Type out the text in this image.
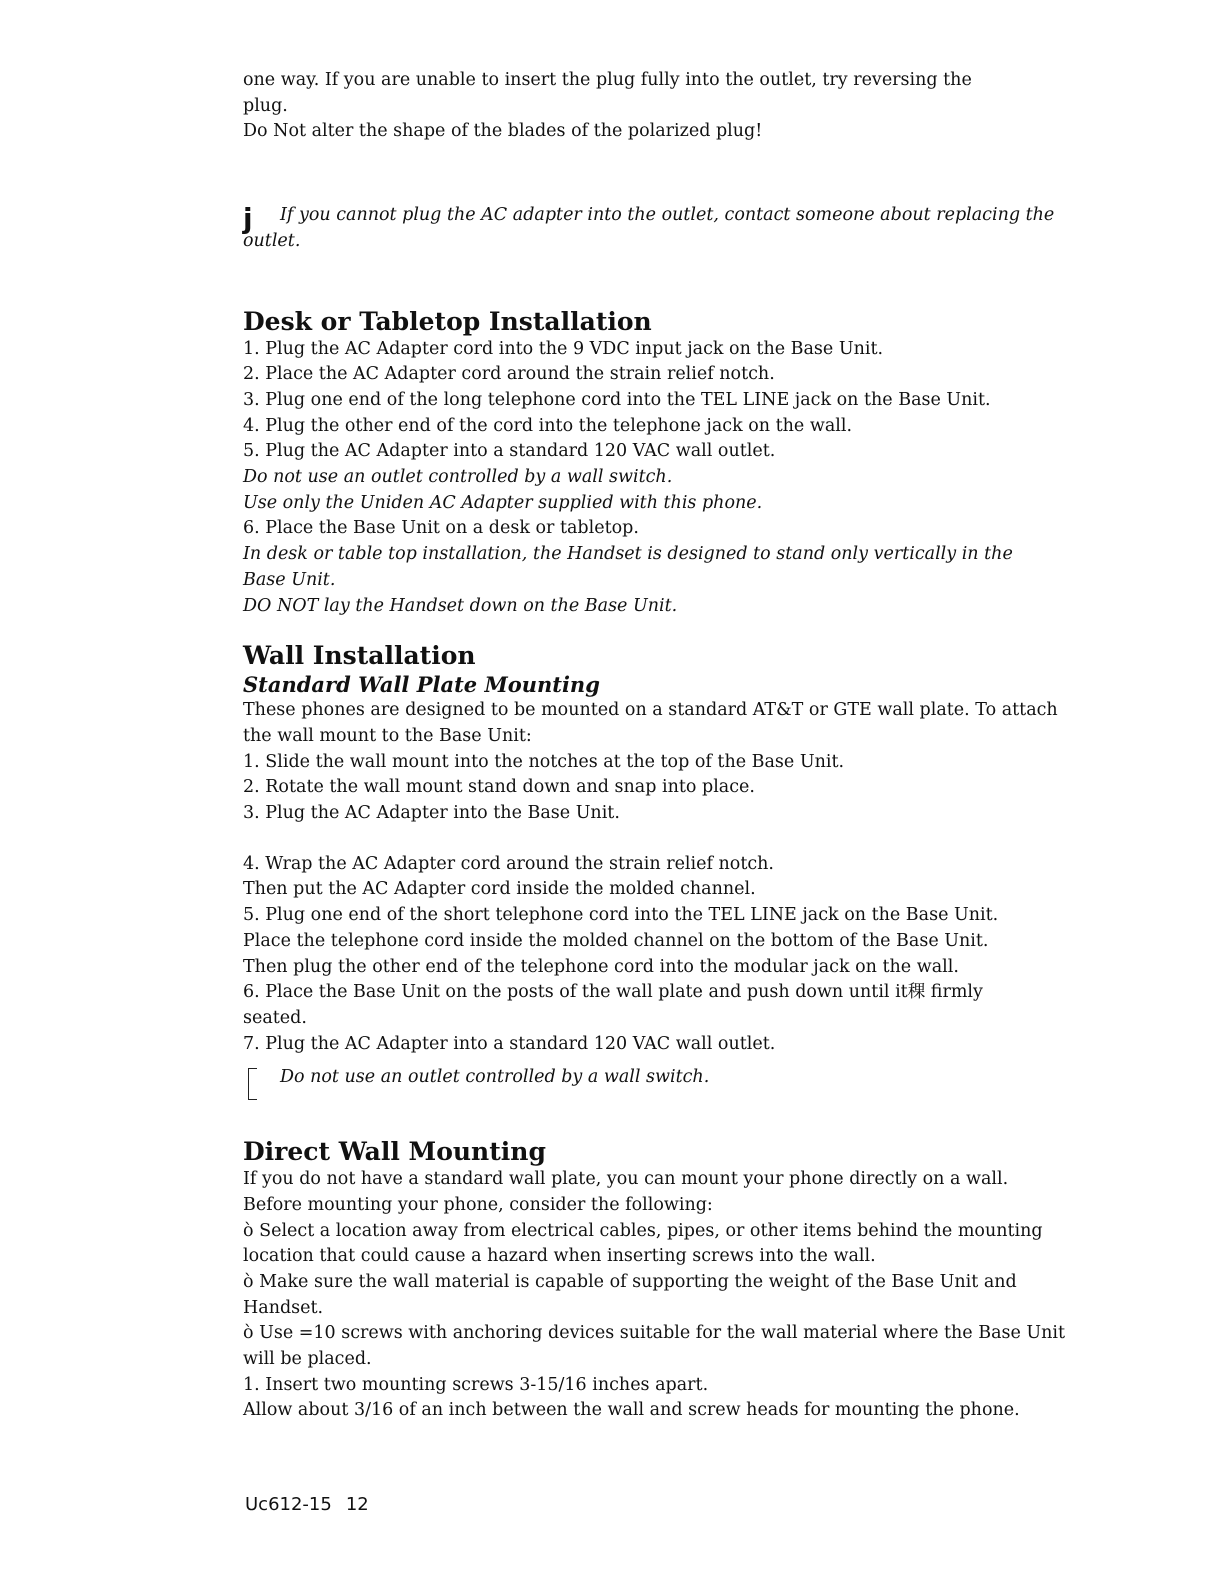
one way. If you are unable to insert the plug fully into the outlet, try reversing the

plug.

Do Not alter the shape of the blades of the polarized plug!

j If you cannot plug the AC adapter into the outlet, contact someone about replacing the

outlet.

Desk or Tabletop Installation

1. Plug the AC Adapter cord into the 9 VDC input jack on the Base Unit.

2. Place the AC Adapter cord around the strain relief notch.

3. Plug one end of the long telephone cord into the TEL LINE jack on the Base Unit.

4. Plug the other end of the cord into the telephone jack on the wall.

5. Plug the AC Adapter into a standard 120 VAC wall outlet.

Do not use an outlet controlled by a wall switch.

Use only the Uniden AC Adapter supplied with this phone.

6. Place the Base Unit on a desk or tabletop.

In desk or table top installation, the Handset is designed to stand only vertically in the

Base Unit.

DO NOT lay the Handset down on the Base Unit.

Wall Installation
Standard Wall Plate Mounting

These phones are designed to be mounted on a standard AT&T or GTE wall plate. To attach

the wall mount to the Base Unit:

1. Slide the wall mount into the notches at the top of the Base Unit.

2. Rotate the wall mount stand down and snap into place.

3. Plug the AC Adapter into the Base Unit.

4. Wrap the AC Adapter cord around the strain relief notch.

Then put the AC Adapter cord inside the molded channel.

5. Plug one end of the short telephone cord into the TEL LINE jack on the Base Unit.

Place the telephone cord inside the molded channel on the bottom of the Base Unit.

Then plug the other end of the telephone cord into the modular jack on the wall.

6. Place the Base Unit on the posts of the wall plate and push down until it稞 firmly

seated.

7. Plug the AC Adapter into a standard 120 VAC wall outlet.

Do not use an outlet controlled by a wall switch.

Direct Wall Mounting

If you do not have a standard wall plate, you can mount your phone directly on a wall.

Before mounting your phone, consider the following:

ò Select a location away from electrical cables, pipes, or other items behind the mounting

location that could cause a hazard when inserting screws into the wall.

ò Make sure the wall material is capable of supporting the weight of the Base Unit and

Handset.

ò Use =10 screws with anchoring devices suitable for the wall material where the Base Unit

will be placed.

1. Insert two mounting screws 3-15/16 inches apart.

Allow about 3/16 of an inch between the wall and screw heads for mounting the phone.

Uc612-15 12
